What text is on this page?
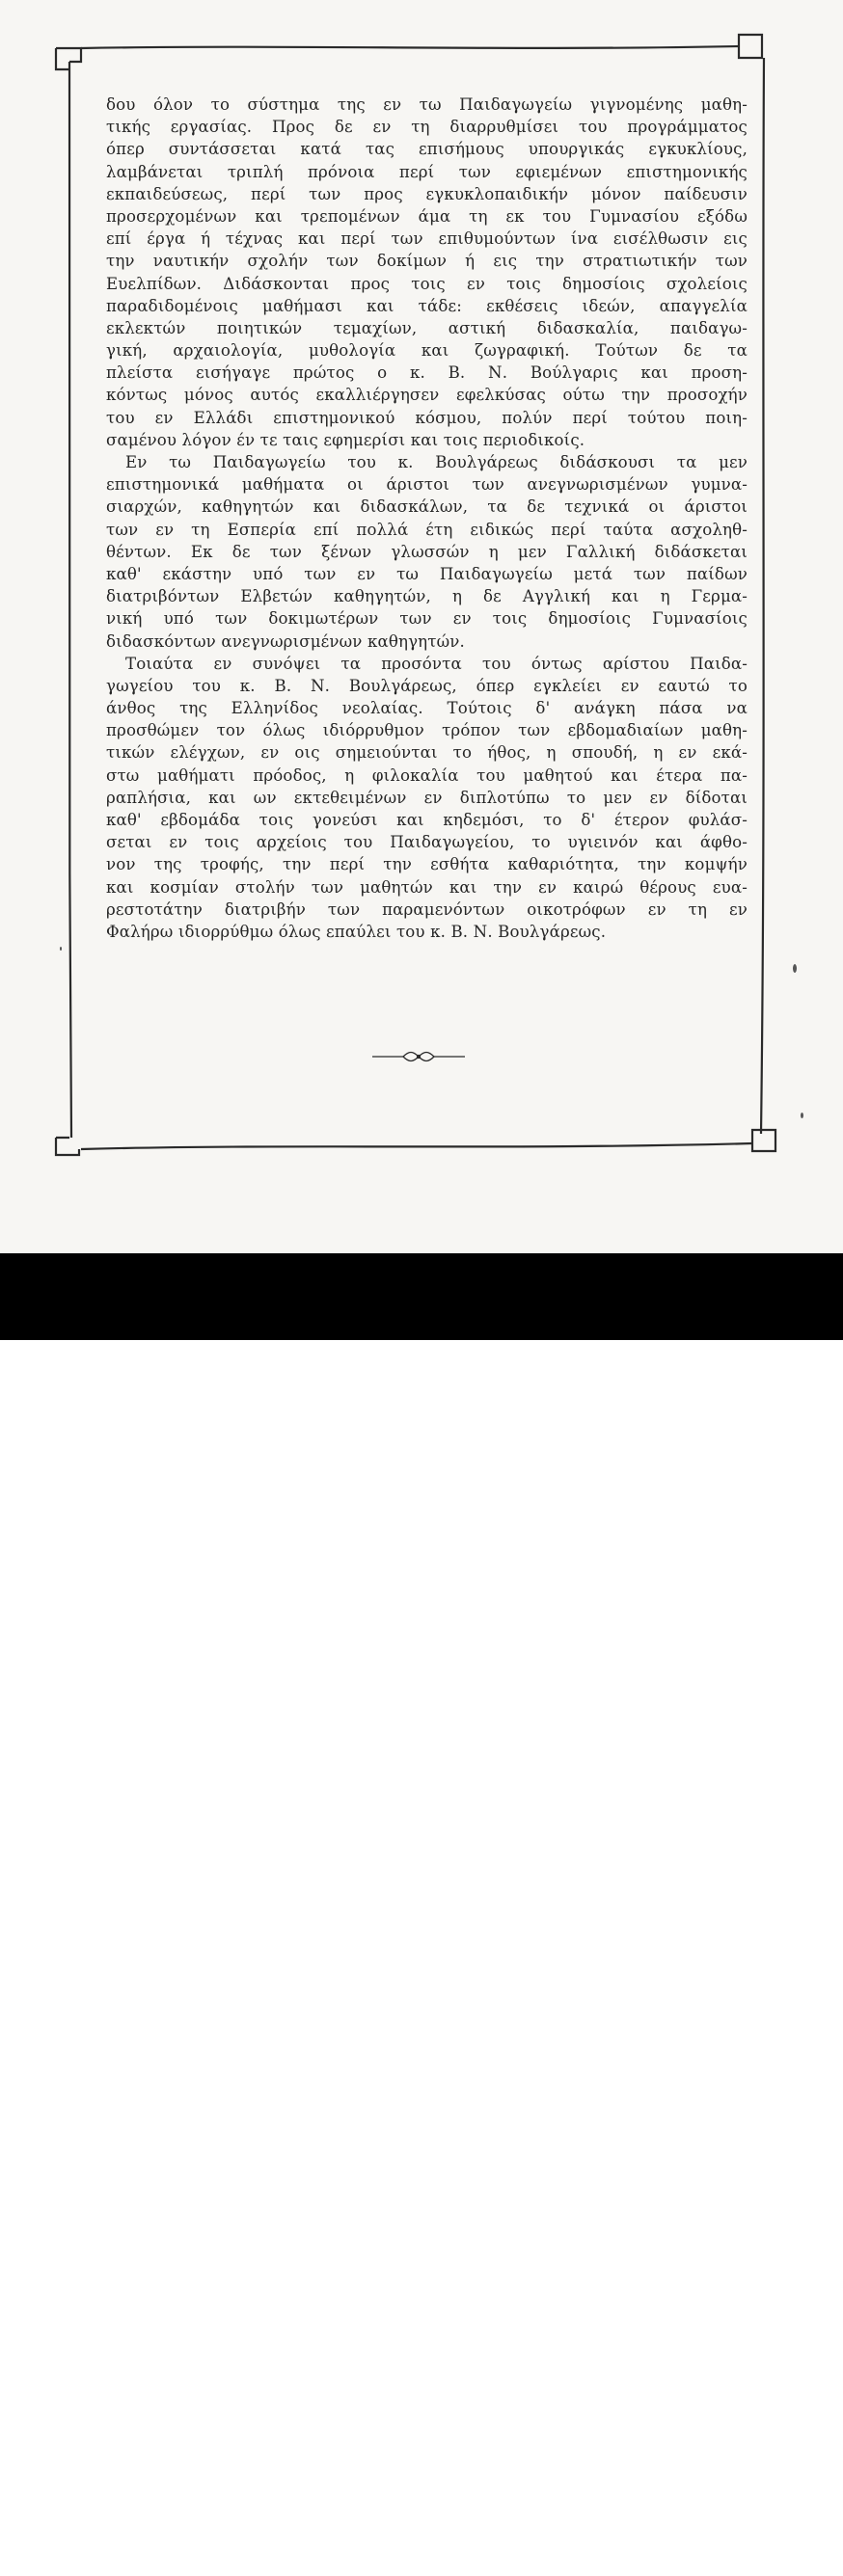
δου όλον το σύστημα της εν τω Παιδαγωγείω γιγνομένης μαθη-
τικής εργασίας. Προς δε εν τη διαρρυθμίσει του προγράμματος
όπερ συντάσσεται κατά τας επισήμους υπουργικάς εγκυκλίους,
λαμβάνεται τριπλή πρόνοια περί των εφιεμένων επιστημονικής
εκπαιδεύσεως, περί των προς εγκυκλοπαιδικήν μόνον παίδευσιν
προσερχομένων και τρεπομένων άμα τη εκ του Γυμνασίου εξόδω
επί έργα ή τέχνας και περί των επιθυμούντων ίνα εισέλθωσιν εις
την ναυτικήν σχολήν των δοκίμων ή εις την στρατιωτικήν των
Ευελπίδων. Διδάσκονται προς τοις εν τοις δημοσίοις σχολείοις
παραδιδομένοις μαθήμασι και τάδε: εκθέσεις ιδεών, απαγγελία
εκλεκτών ποιητικών τεμαχίων, αστική διδασκαλία, παιδαγω-
γική, αρχαιολογία, μυθολογία και ζωγραφική. Τούτων δε τα
πλείστα εισήγαγε πρώτος ο κ. Β. Ν. Βούλγαρις και προση-
κόντως μόνος αυτός εκαλλιέργησεν εφελκύσας ούτω την προσοχήν
του εν Ελλάδι επιστημονικού κόσμου, πολύν περί τούτου ποιη-
σαμένου λόγον έν τε ταις εφημερίσι και τοις περιοδικοίς.
Εν τω Παιδαγωγείω του κ. Βουλγάρεως διδάσκουσι τα μεν
επιστημονικά μαθήματα οι άριστοι των ανεγνωρισμένων γυμνα-
σιαρχών, καθηγητών και διδασκάλων, τα δε τεχνικά οι άριστοι
των εν τη Εσπερία επί πολλά έτη ειδικώς περί ταύτα ασχοληθ-
θέντων. Εκ δε των ξένων γλωσσών η μεν Γαλλική διδάσκεται
καθ' εκάστην υπό των εν τω Παιδαγωγείω μετά των παίδων
διατριβόντων Ελβετών καθηγητών, η δε Αγγλική και η Γερμα-
νική υπό των δοκιμωτέρων των εν τοις δημοσίοις Γυμνασίοις
διδασκόντων ανεγνωρισμένων καθηγητών.
Τοιαύτα εν συνόψει τα προσόντα του όντως αρίστου Παιδα-
γωγείου του κ. Β. Ν. Βουλγάρεως, όπερ εγκλείει εν εαυτώ το
άνθος της Ελληνίδος νεολαίας. Τούτοις δ' ανάγκη πάσα να
προσθώμεν τον όλως ιδιόρρυθμον τρόπον των εβδομαδιαίων μαθη-
τικών ελέγχων, εν οις σημειούνται το ήθος, η σπουδή, η εν εκά-
στω μαθήματι πρόοδος, η φιλοκαλία του μαθητού και έτερα πα-
ραπλήσια, και ων εκτεθειμένων εν διπλοτύπω το μεν εν δίδοται
καθ' εβδομάδα τοις γονεύσι και κηδεμόσι, το δ' έτερον φυλάσ-
σεται εν τοις αρχείοις του Παιδαγωγείου, το υγιεινόν και άφθο-
νον της τροφής, την περί την εσθήτα καθαριότητα, την κομψήν
και κοσμίαν στολήν των μαθητών και την εν καιρώ θέρους ευα-
ρεστοτάτην διατριβήν των παραμενόντων οικοτρόφων εν τη εν
Φαλήρω ιδιορρύθμω όλως επαύλει του κ. Β. Ν. Βουλγάρεως.
alamy	Image ID: PBJXD8
www.alamy.com
